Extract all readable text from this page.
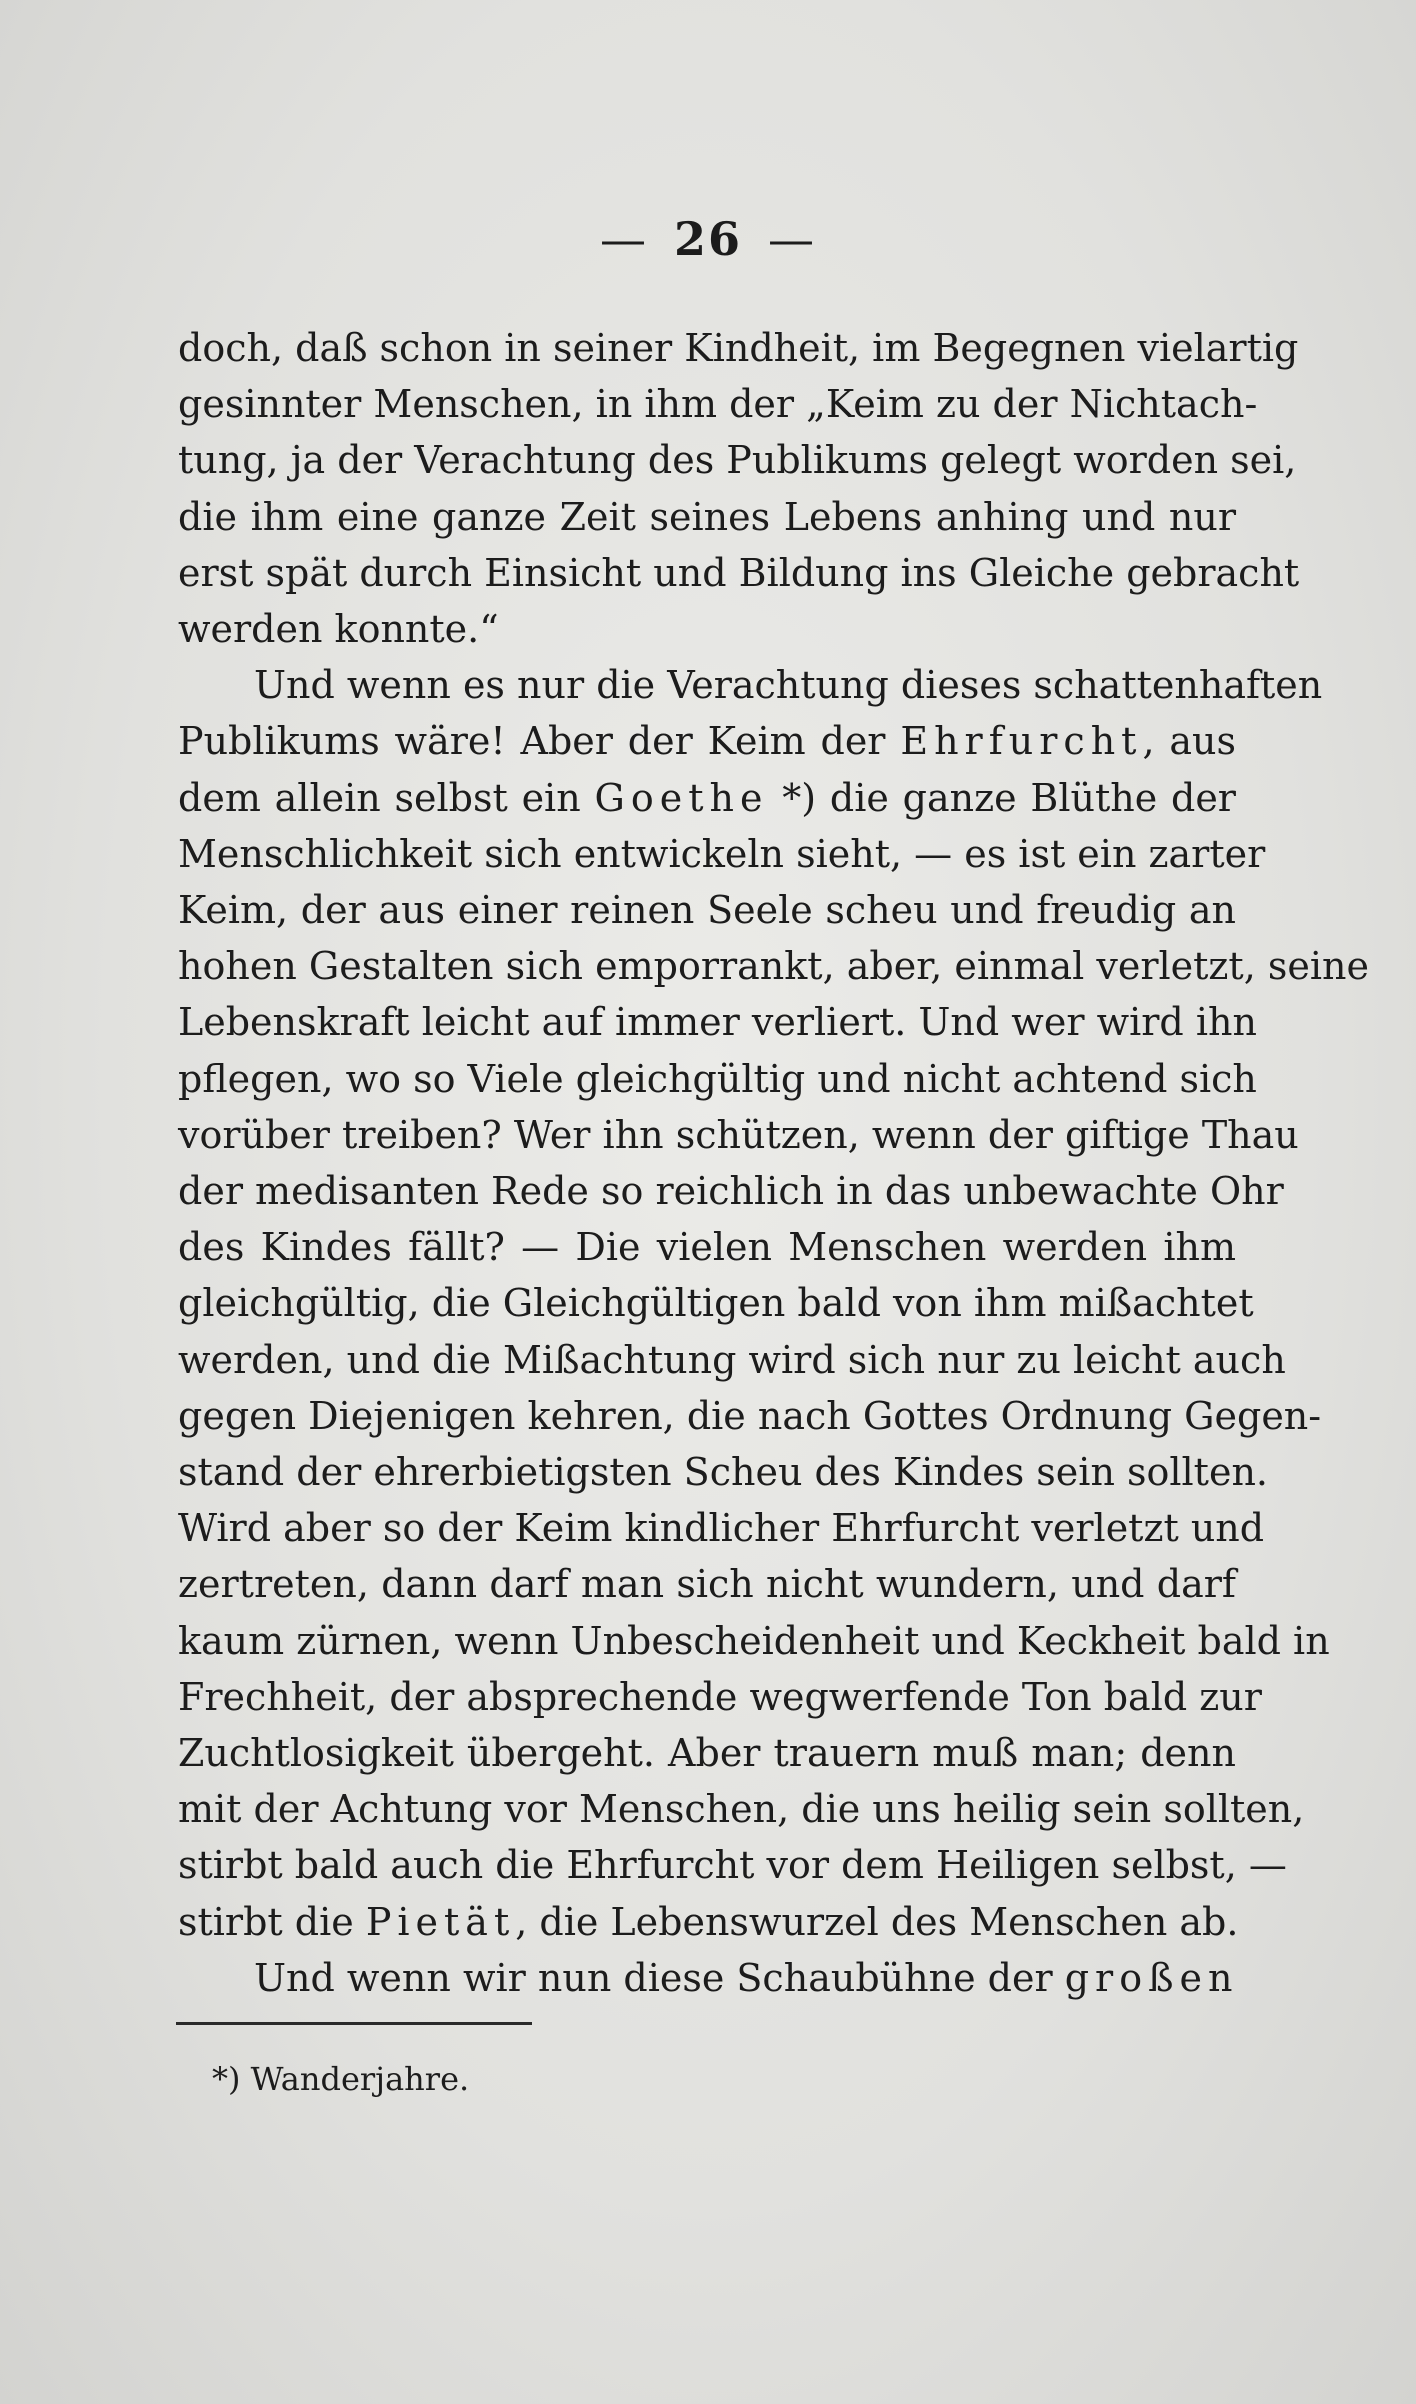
— 26 —
doch, daß schon in seiner Kindheit, im Begegnen vielartig
gesinnter Menschen, in ihm der „Keim zu der Nichtach-
tung, ja der Verachtung des Publikums gelegt worden sei,
die ihm eine ganze Zeit seines Lebens anhing und nur
erst spät durch Einsicht und Bildung ins Gleiche gebracht
werden konnte.“
Und wenn es nur die Verachtung dieses schattenhaften
Publikums wäre! Aber der Keim der Ehrfurcht, aus
dem allein selbst ein Goethe *) die ganze Blüthe der
Menschlichkeit sich entwickeln sieht, — es ist ein zarter
Keim, der aus einer reinen Seele scheu und freudig an
hohen Gestalten sich emporrankt, aber, einmal verletzt, seine
Lebenskraft leicht auf immer verliert. Und wer wird ihn
pflegen, wo so Viele gleichgültig und nicht achtend sich
vorüber treiben? Wer ihn schützen, wenn der giftige Thau
der medisanten Rede so reichlich in das unbewachte Ohr
des Kindes fällt? — Die vielen Menschen werden ihm
gleichgültig, die Gleichgültigen bald von ihm mißachtet
werden, und die Mißachtung wird sich nur zu leicht auch
gegen Diejenigen kehren, die nach Gottes Ordnung Gegen-
stand der ehrerbietigsten Scheu des Kindes sein sollten.
Wird aber so der Keim kindlicher Ehrfurcht verletzt und
zertreten, dann darf man sich nicht wundern, und darf
kaum zürnen, wenn Unbescheidenheit und Keckheit bald in
Frechheit, der absprechende wegwerfende Ton bald zur
Zuchtlosigkeit übergeht. Aber trauern muß man; denn
mit der Achtung vor Menschen, die uns heilig sein sollten,
stirbt bald auch die Ehrfurcht vor dem Heiligen selbst, —
stirbt die Pietät, die Lebenswurzel des Menschen ab.
Und wenn wir nun diese Schaubühne der großen
*) Wanderjahre.
